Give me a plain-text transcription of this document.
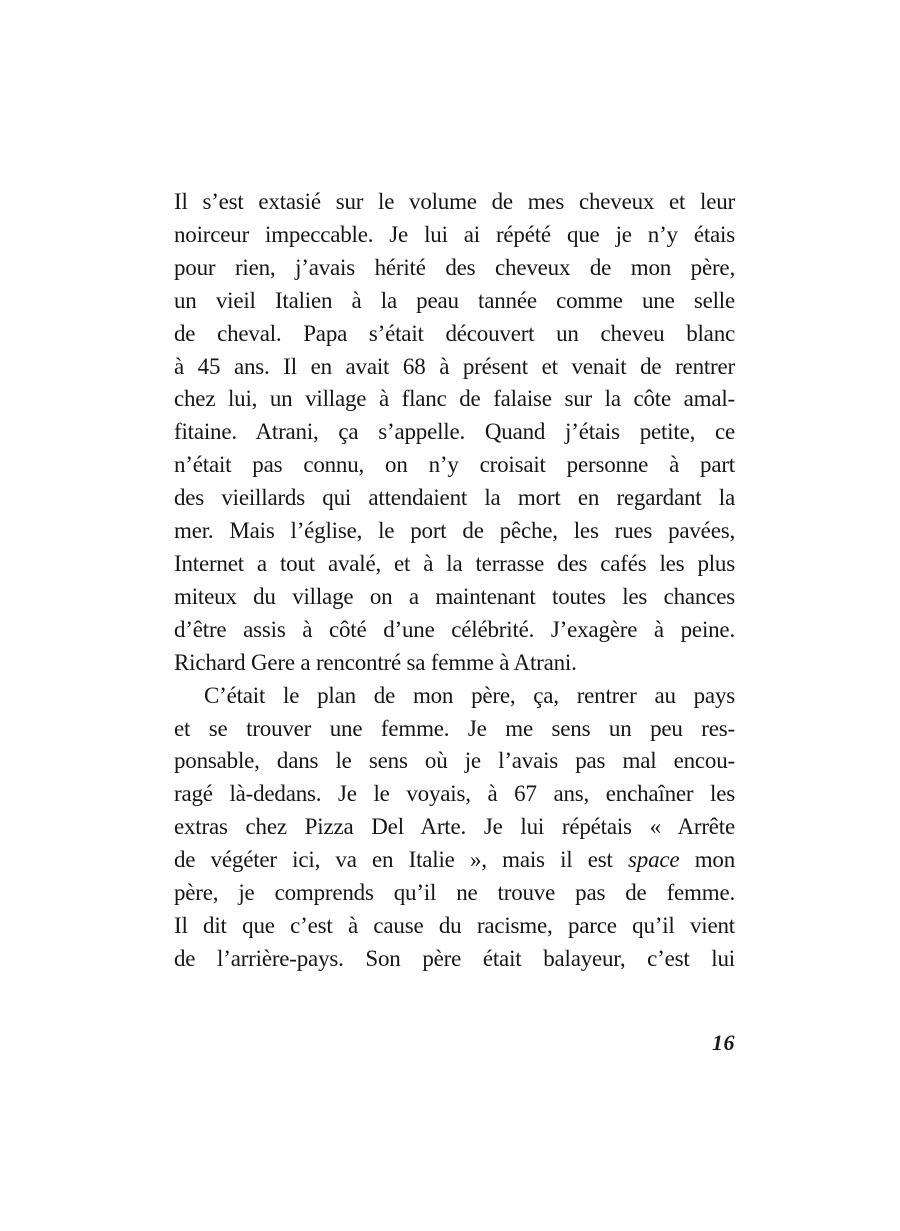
Il s’est extasié sur le volume de mes cheveux et leur
noirceur impeccable. Je lui ai répété que je n’y étais
pour rien, j’avais hérité des cheveux de mon père,
un vieil Italien à la peau tannée comme une selle
de cheval. Papa s’était découvert un cheveu blanc
à 45 ans. Il en avait 68 à présent et venait de rentrer
chez lui, un village à flanc de falaise sur la côte amal-
fitaine. Atrani, ça s’appelle. Quand j’étais petite, ce
n’était pas connu, on n’y croisait personne à part
des vieillards qui attendaient la mort en regardant la
mer. Mais l’église, le port de pêche, les rues pavées,
Internet a tout avalé, et à la terrasse des cafés les plus
miteux du village on a maintenant toutes les chances
d’être assis à côté d’une célébrité. J’exagère à peine.
Richard Gere a rencontré sa femme à Atrani.
C’était le plan de mon père, ça, rentrer au pays
et se trouver une femme. Je me sens un peu res-
ponsable, dans le sens où je l’avais pas mal encou-
ragé là-dedans. Je le voyais, à 67 ans, enchaîner les
extras chez Pizza Del Arte. Je lui répétais « Arrête
de végéter ici, va en Italie », mais il est space mon
père, je comprends qu’il ne trouve pas de femme.
Il dit que c’est à cause du racisme, parce qu’il vient
de l’arrière-pays. Son père était balayeur, c’est lui
16
